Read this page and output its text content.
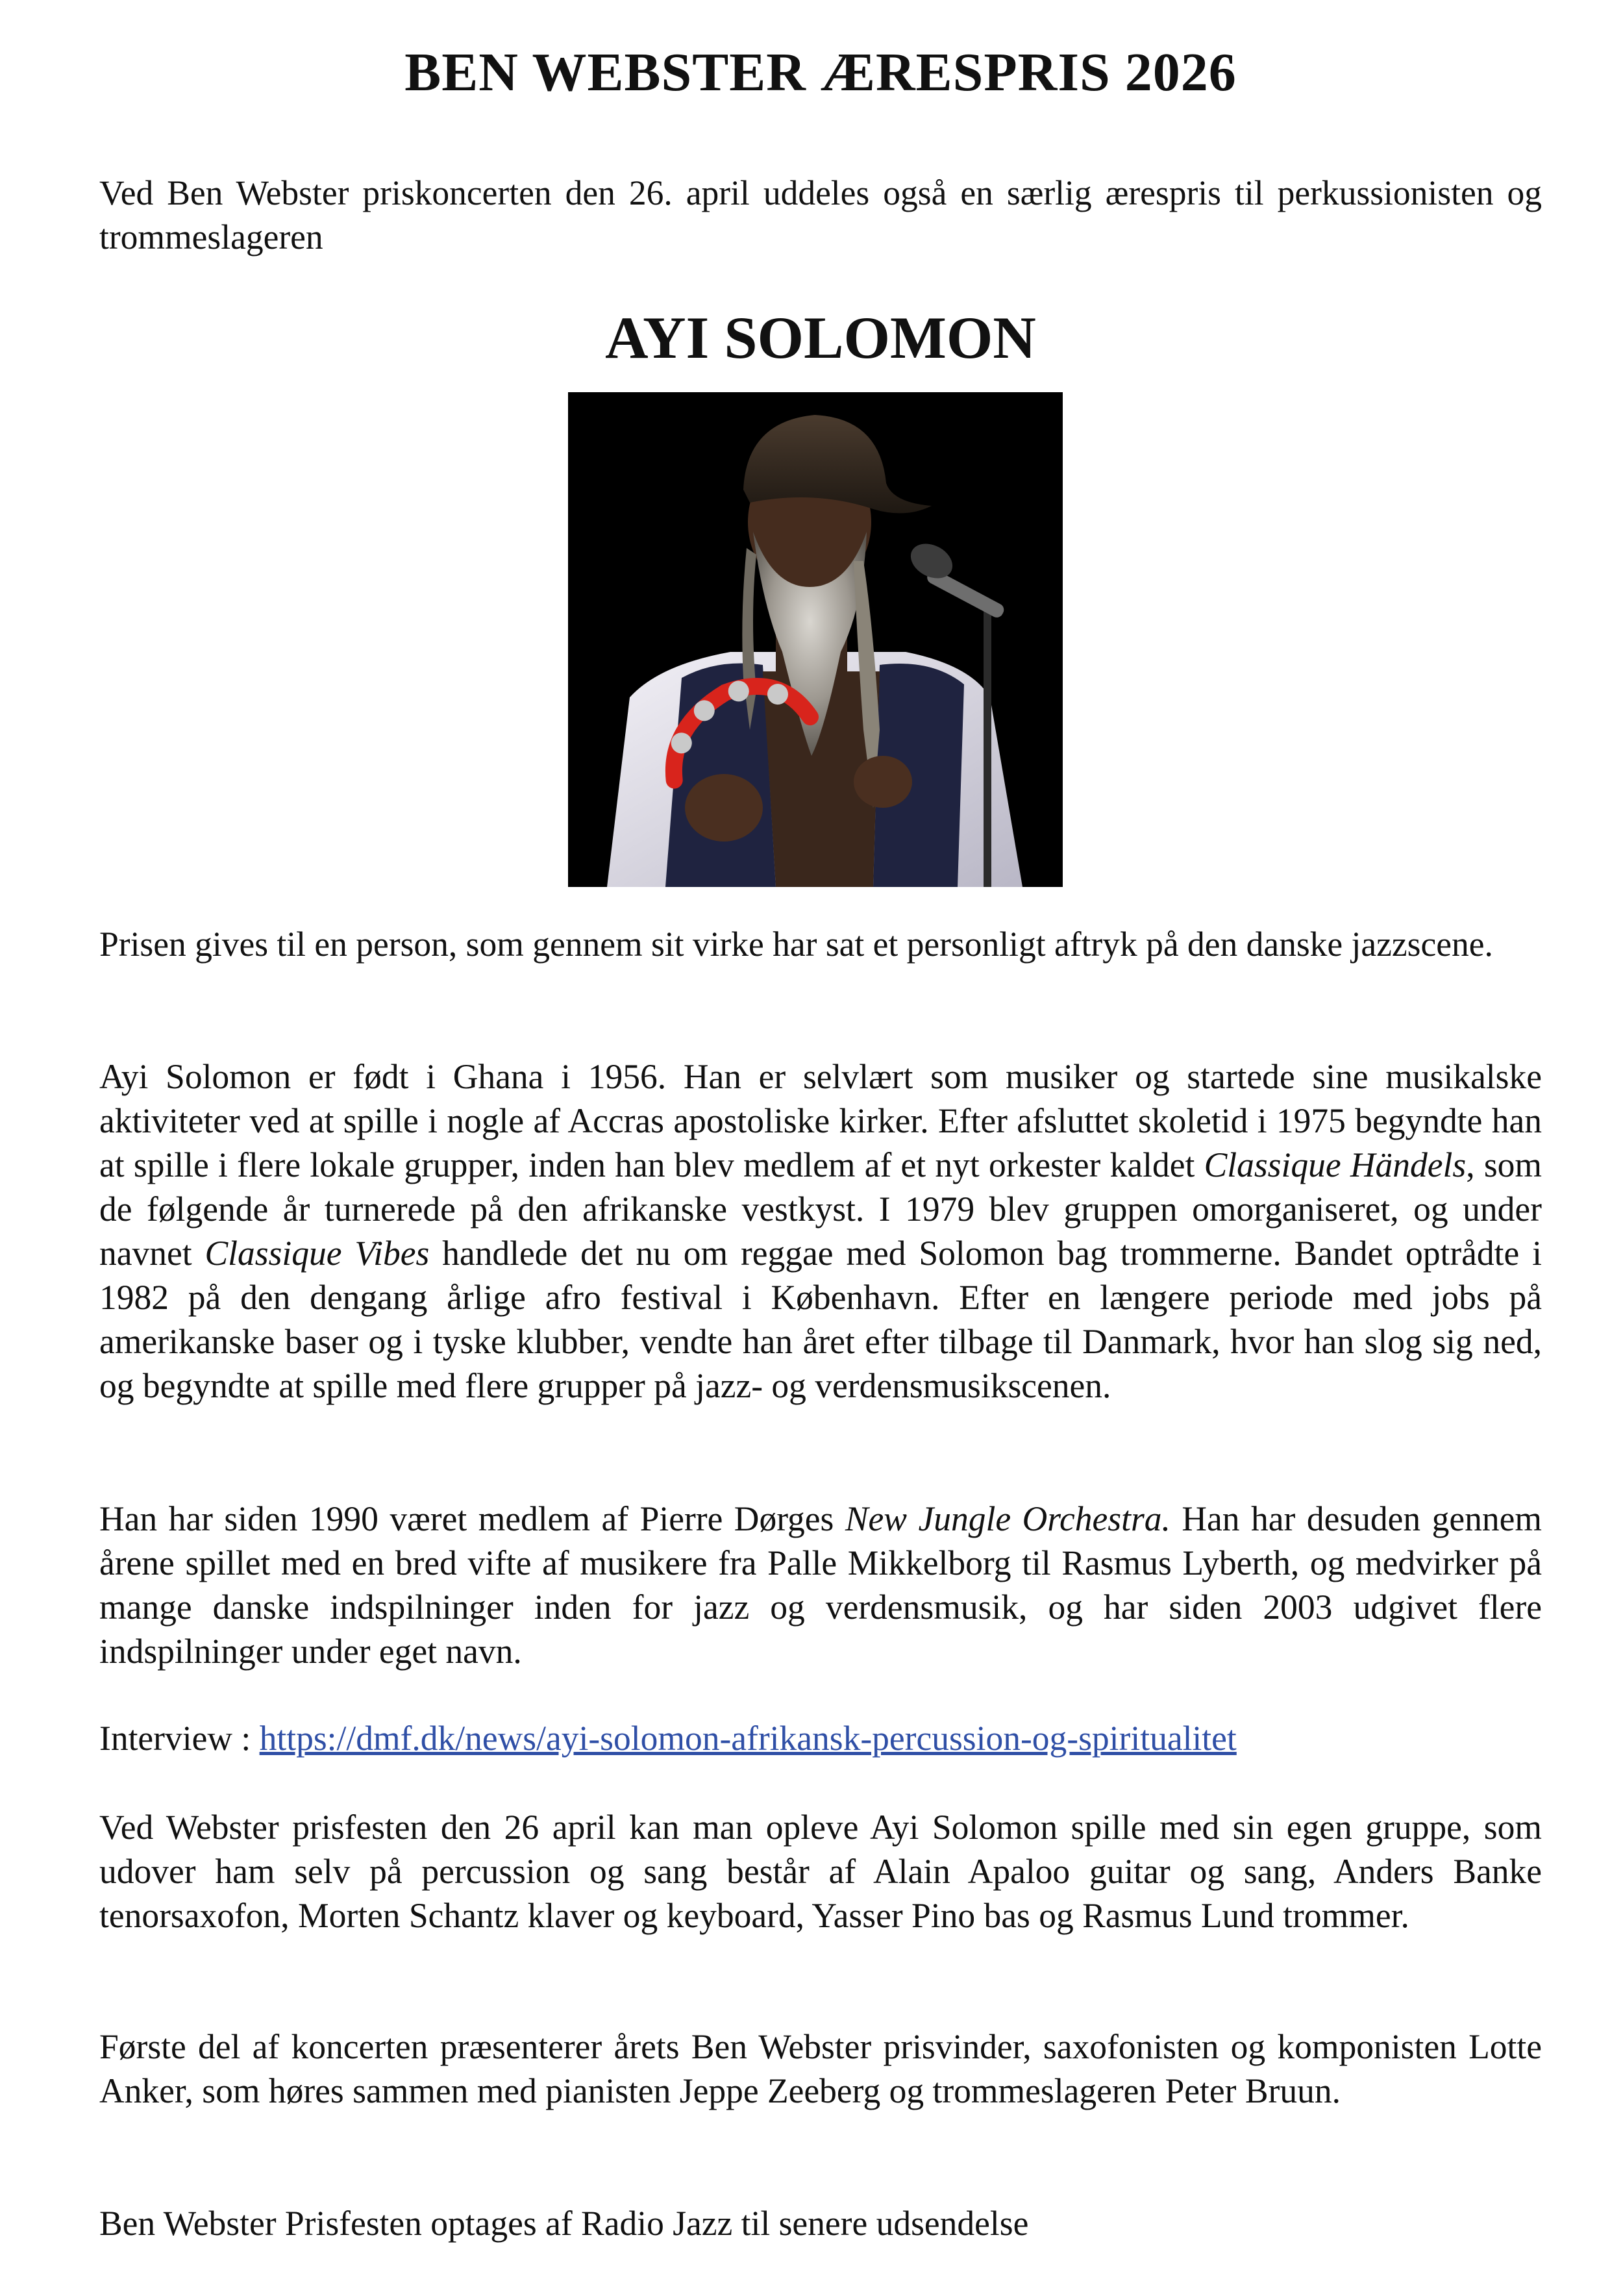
BEN WEBSTER ÆRESPRIS 2026

Ved Ben Webster priskoncerten den 26. april uddeles også en særlig ærespris til perkussionisten og trommeslageren

AYI SOLOMON

Prisen gives til en person, som gennem sit virke har sat et personligt aftryk på den danske jazzscene.

Ayi Solomon er født i Ghana i 1956. Han er selvlært som musiker og startede sine musikalske aktiviteter ved at spille i nogle af Accras apostoliske kirker. Efter afsluttet skoletid i 1975 begyndte han at spille i flere lokale grupper, inden han blev medlem af et nyt orkester kaldet Classique Händels, som de følgende år turnerede på den afrikanske vestkyst. I 1979 blev gruppen omorganiseret, og under navnet Classique Vibes handlede det nu om reggae med Solomon bag trommerne. Bandet optrådte i 1982 på den dengang årlige afro festival i København. Efter en længere periode med jobs på amerikanske baser og i tyske klubber, vendte han året efter tilbage til Danmark, hvor han slog sig ned, og begyndte at spille med flere grupper på jazz- og verdensmusikscenen.

Han har siden 1990 været medlem af Pierre Dørges New Jungle Orchestra. Han har desuden gennem årene spillet med en bred vifte af musikere fra Palle Mikkelborg til Rasmus Lyberth, og medvirker på mange danske indspilninger inden for jazz og verdensmusik, og har siden 2003 udgivet flere indspilninger under eget navn.

Interview : https://dmf.dk/news/ayi-solomon-afrikansk-percussion-og-spiritualitet

Ved Webster prisfesten den 26 april kan man opleve Ayi Solomon spille med sin egen gruppe, som udover ham selv på percussion og sang består af Alain Apaloo guitar og sang, Anders Banke tenorsaxofon, Morten Schantz klaver og keyboard, Yasser Pino bas og Rasmus Lund trommer.

Første del af koncerten præsenterer årets Ben Webster prisvinder, saxofonisten og komponisten Lotte Anker, som høres sammen med pianisten Jeppe Zeeberg og trommeslageren Peter Bruun.

Ben Webster Prisfesten optages af Radio Jazz til senere udsendelse
